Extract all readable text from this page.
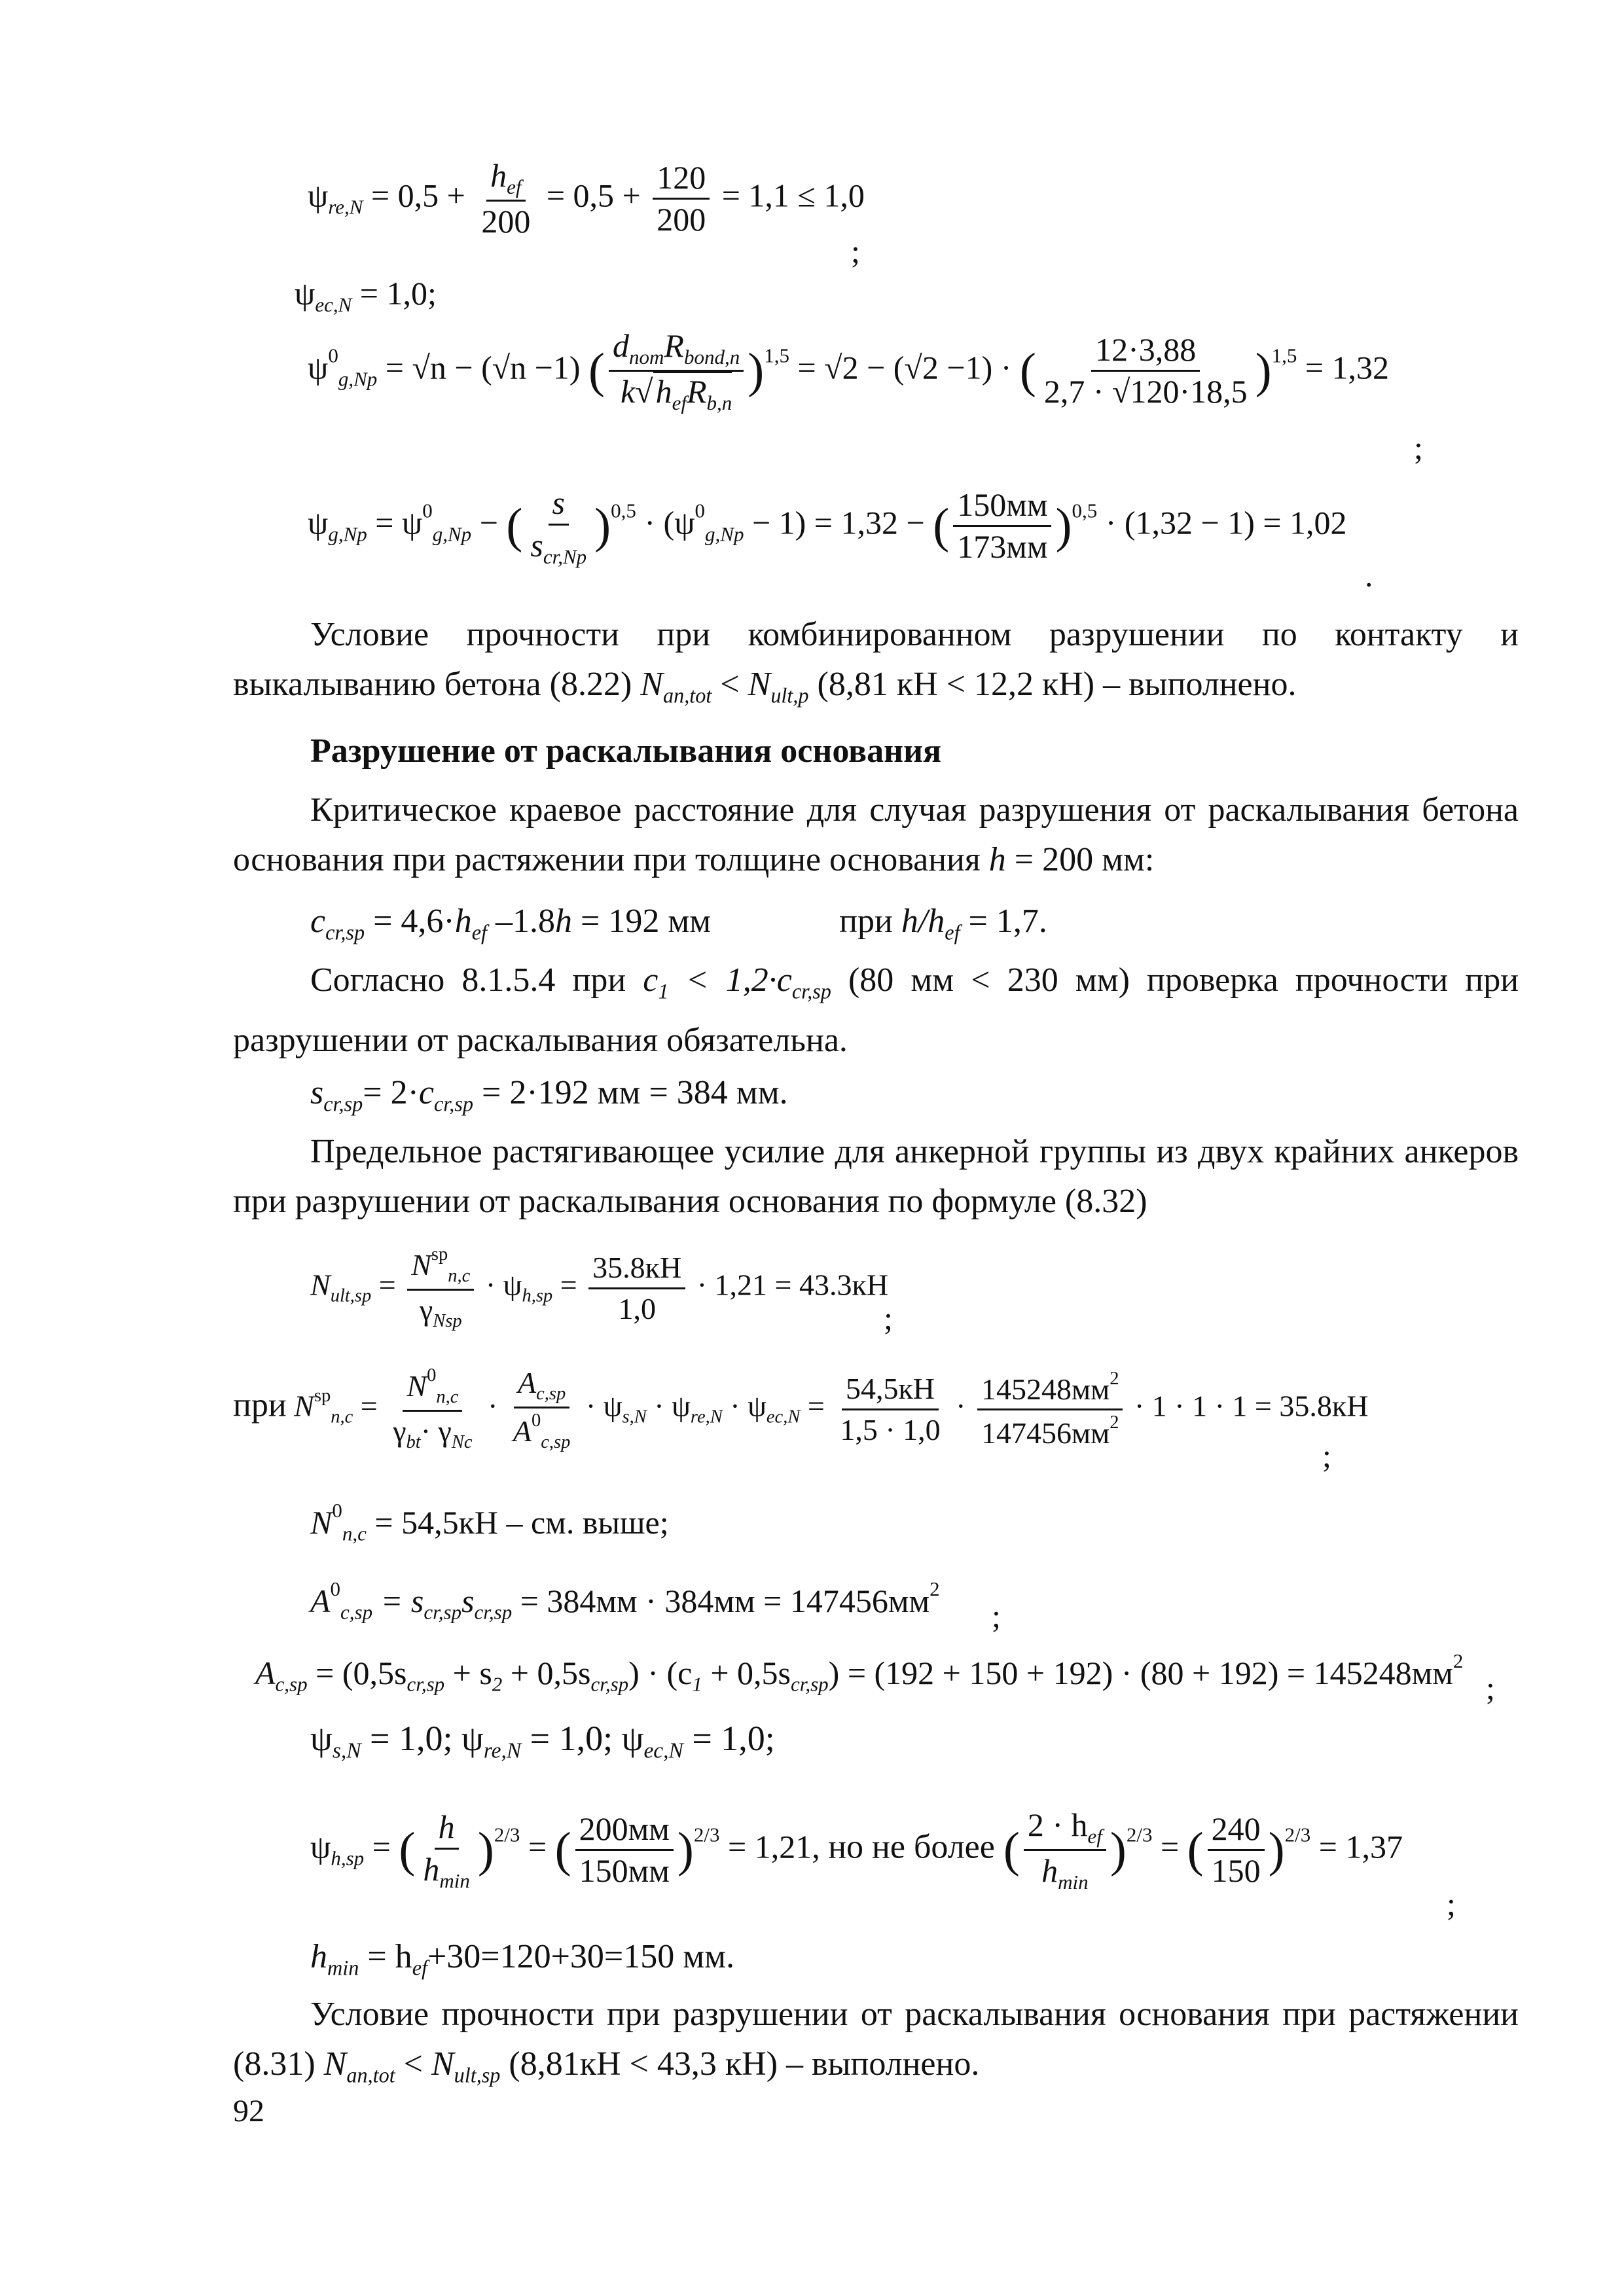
$\psi_{re,N} = 0,5 + \frac{h_{ef}}{200} = 0,5 + \frac{120}{200} = 1,1 \le 1,0$
;
$\psi_{ec,N} = 1,0$;
$\psi^0_{g,Np} = √n - (√n -1)$ ( $\frac{d_{nom}R_{bond,n}}{k√h_{ef}R_{b,n}} )^{1,5} = √2 - (√2 -1)$ · ( $\frac{12\cdot 3,88}{2,7 \cdot √120\cdot 18,5} )^{1,5} = 1,32$
;
$\psi_{g,Np} = \psi^0_{g,Np}$ − ( $\frac{s}{s_{cr,Np}} )^{0,5} \cdot (\psi^0_{g,Np} - 1) = 1,32$ − ( $\frac{150мм}{173мм} )^{0,5} \cdot (1,32 - 1) = 1,02$
.
Условие прочности при комбинированном разрушении по контакту и выкалыванию бетона (8.22) $N_{an,tot} < N_{ult,p}$ (8,81 кН < 12,2 кН) – выполнено.
Разрушение от раскалывания основания
Критическое краевое расстояние для случая разрушения от раскалывания бетона основания при растяжении при толщине основания h = 200 мм:
$c_{cr,sp} = 4,6\cdot h_{ef}$ –1.8h = 192 мм	при $h/h_{ef} = 1,7$.
Согласно 8.1.5.4 при $c_1 < 1,2\cdot c_{cr,sp}$ (80 мм < 230 мм) проверка прочности при разрушении от раскалывания обязательна.
$s_{cr,sp}= 2\cdot c_{cr,sp} = 2\cdot 192$ мм = 384 мм.
Предельное растягивающее усилие для анкерной группы из двух крайних анкеров при разрушении от раскалывания основания по формуле (8.32)
$N_{ult,sp} = \frac{N^{sp}_{n,c}}{\gamma_{Nsp}} \cdot \psi_{h,sp} = \frac{35.8кН}{1,0} \cdot 1,21 = 43.3кН$
;
при $N^{sp}_{n,c} = \frac{N^0_{n,c}}{\gamma_{bt}\cdot \gamma_{Nc}} \cdot \frac{A_{c,sp}}{A^0_{c,sp}} \cdot \psi_{s,N} \cdot \psi_{re,N} \cdot \psi_{ec,N} = \frac{54,5кН}{1,5 \cdot 1,0} \cdot \frac{145248мм^2}{147456мм^2} \cdot 1 \cdot 1 \cdot 1 = 35.8кН$
;
$N^0_{n,c} = 54,5кН$ – см. выше;
$A^0_{c,sp} = s_{cr,sp}s_{cr,sp} = 384мм \cdot 384мм = 147456мм^2$
;
$A_{c,sp} = (0,5s_{cr,sp} + s_2 + 0,5s_{cr,sp}) \cdot (c_1 + 0,5s_{cr,sp}) = (192 + 150 + 192) \cdot (80 + 192) = 145248мм^2$
;
$\psi_{s,N} = 1,0$; $\psi_{re,N} = 1,0$; $\psi_{ec,N} = 1,0$;
$\psi_{h,sp}$ = ( $\frac{h}{h_{min}} )^{2/3}$ = ( $\frac{200мм}{150мм} )^{2/3} = 1,21$, но не более ( $\frac{2 \cdot h_{ef}}{h_{min}} )^{2/3}$ = ( $\frac{240}{150} )^{2/3} = 1,37$
;
$h_{min} = h_{ef}+30=120+30=150$ мм.
Условие прочности при разрушении от раскалывания основания при растяжении (8.31) $N_{an,tot} < N_{ult,sp}$ (8,81кН < 43,3 кН) – выполнено.
92
